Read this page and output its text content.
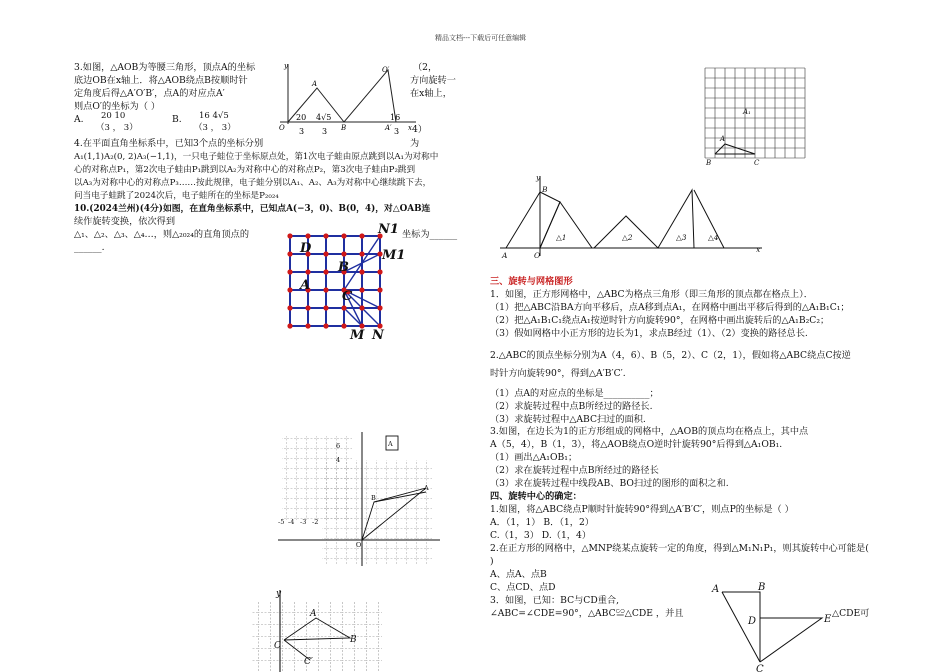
精品文档---下载后可任意编辑
3.如图，△AOB为等腰三角形，顶点A的坐标
底边OB在x轴上．将△AOB绕点B按顺时针
定角度后得△A′O′B′，点A的对应点A′
则点O′的坐标为（ ）
（2，
方向旋转一
在x轴上，
A. 20 10
（3 ， 3）
B. 16 4√5
（3 ， 3）	4）
4.在平面直角坐标系中，已知3个点的坐标分别	为
A₁(1,1)A₂(0, 2)A₃(−1,1)，一只电子蛙位于坐标原点处，第1次电子蛙由原点跳到以A₁为对称中
心的对称点P₁，第2次电子蛙由P₁跳到以A₂为对称中心的对称点P₂，第3次电子蛙由P₂跳到
以A₃为对称中心的对称点P₃……按此规律，电子蛙分别以A₁、A₂、A₃为对称中心继续跳下去，
问当电子蛙跳了2024次后，电子蛙所在的坐标是P₂₀₂₄
10.(2024兰州)(4分)如图，在直角坐标系中，已知点A(−3，0)、B(0，4)，对△OAB连
续作旋转变换，依次得到
△₁、△₂、△₃、△₄…，则△₂₀₂₄的直角顶点的	坐标为______
______.
y
A
O′
O	B	A′ x
20
3
4√5
3
16
3
N1
D	M1
B
A
C
M N
A
B
O
6
4
-5 -4 -3 -2
A
y
A
B
C
C′
A₁
A
B	C
y
B
A	O
△1	△2	△3	△4
x
三、旋转与网格图形
1．如图，正方形网格中，△ABC为格点三角形（即三角形的顶点都在格点上）．
（1）把△ABC沿BA方向平移后，点A移到点A₁，在网格中画出平移后得到的△A₁B₁C₁；
（2）把△A₁B₁C₁绕点A₁按逆时针方向旋转90°，在网格中画出旋转后的△A₁B₂C₂；
（3）假如网格中小正方形的边长为1，求点B经过（1）、（2）变换的路径总长.
2.△ABC的顶点坐标分别为A（4，6）、B（5，2）、C（2，1），假如将△ABC绕点C按逆
时针方向旋转90°，得到△A′B′C′.
（1）点A的对应点的坐标是__________；
（2）求旋转过程中点B所经过的路径长.
（3）求旋转过程中△ABC扫过的面积.
3.如图，在边长为1的正方形组成的网格中，△AOB的顶点均在格点上，其中点
A（5，4），B（1，3），将△AOB绕点O逆时针旋转90°后得到△A₁OB₁.
（1）画出△A₁OB₁；
（2）求在旋转过程中点B所经过的路径长
（3）求在旋转过程中线段AB、BO扫过的图形的面积之和.
四、旋转中心的确定：
1.如图，将△ABC绕点P顺时针旋转90°得到△A′B′C′，则点P的坐标是（ ）
A．（1，1） B．（1，2）
C.（1，3） D.（1，4）
2.在正方形的网格中，△MNP绕某点旋转一定的角度，得到△M₁N₁P₁，则其旋转中心可能是(
)
A、点A、点B
C、点CD、点D
3．如图，已知：BC与CD重合,
∠ABC=∠CDE=90°，△ABC≌△CDE ，并且	△CDE可
A	B
D	E
C
